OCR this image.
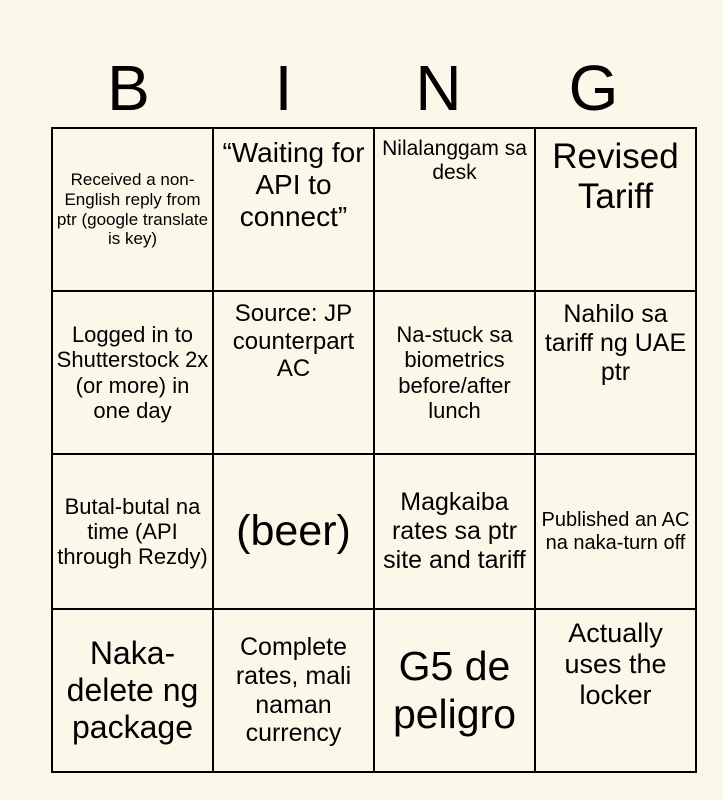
B	I	N	G
Received a non-English reply from ptr (google translate is key)	“Waiting for API to connect”	Nilalanggam sa desk	Revised Tariff
Logged in to Shutterstock 2x (or more) in one day	Source: JP counterpart AC	Na-stuck sa biometrics before/after lunch	Nahilo sa tariff ng UAE ptr
Butal-butal na time (API through Rezdy)	(beer)	Magkaiba rates sa ptr site and tariff	Published an AC na naka-turn off
Naka-delete ng package	Complete rates, mali naman currency	G5 de peligro	Actually uses the locker
